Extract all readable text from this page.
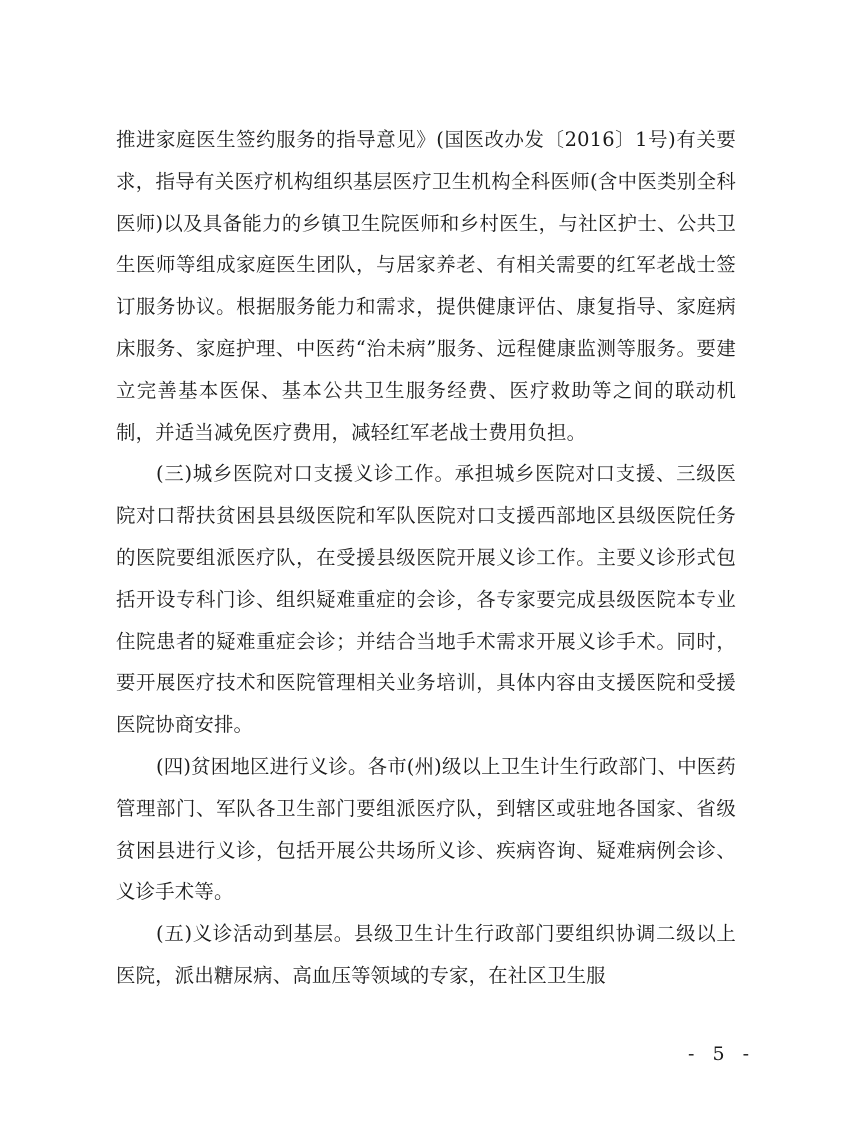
推进家庭医生签约服务的指导意见》(国医改办发〔2016〕1号)有关要求，指导有关医疗机构组织基层医疗卫生机构全科医师(含中医类别全科医师)以及具备能力的乡镇卫生院医师和乡村医生，与社区护士、公共卫生医师等组成家庭医生团队，与居家养老、有相关需要的红军老战士签订服务协议。根据服务能力和需求，提供健康评估、康复指导、家庭病床服务、家庭护理、中医药“治未病”服务、远程健康监测等服务。要建立完善基本医保、基本公共卫生服务经费、医疗救助等之间的联动机制，并适当减免医疗费用，减轻红军老战士费用负担。

(三)城乡医院对口支援义诊工作。承担城乡医院对口支援、三级医院对口帮扶贫困县县级医院和军队医院对口支援西部地区县级医院任务的医院要组派医疗队，在受援县级医院开展义诊工作。主要义诊形式包括开设专科门诊、组织疑难重症的会诊，各专家要完成县级医院本专业住院患者的疑难重症会诊；并结合当地手术需求开展义诊手术。同时，要开展医疗技术和医院管理相关业务培训，具体内容由支援医院和受援医院协商安排。

(四)贫困地区进行义诊。各市(州)级以上卫生计生行政部门、中医药管理部门、军队各卫生部门要组派医疗队，到辖区或驻地各国家、省级贫困县进行义诊，包括开展公共场所义诊、疾病咨询、疑难病例会诊、义诊手术等。

(五)义诊活动到基层。县级卫生计生行政部门要组织协调二级以上医院，派出糖尿病、高血压等领域的专家，在社区卫生服

- 5 -
